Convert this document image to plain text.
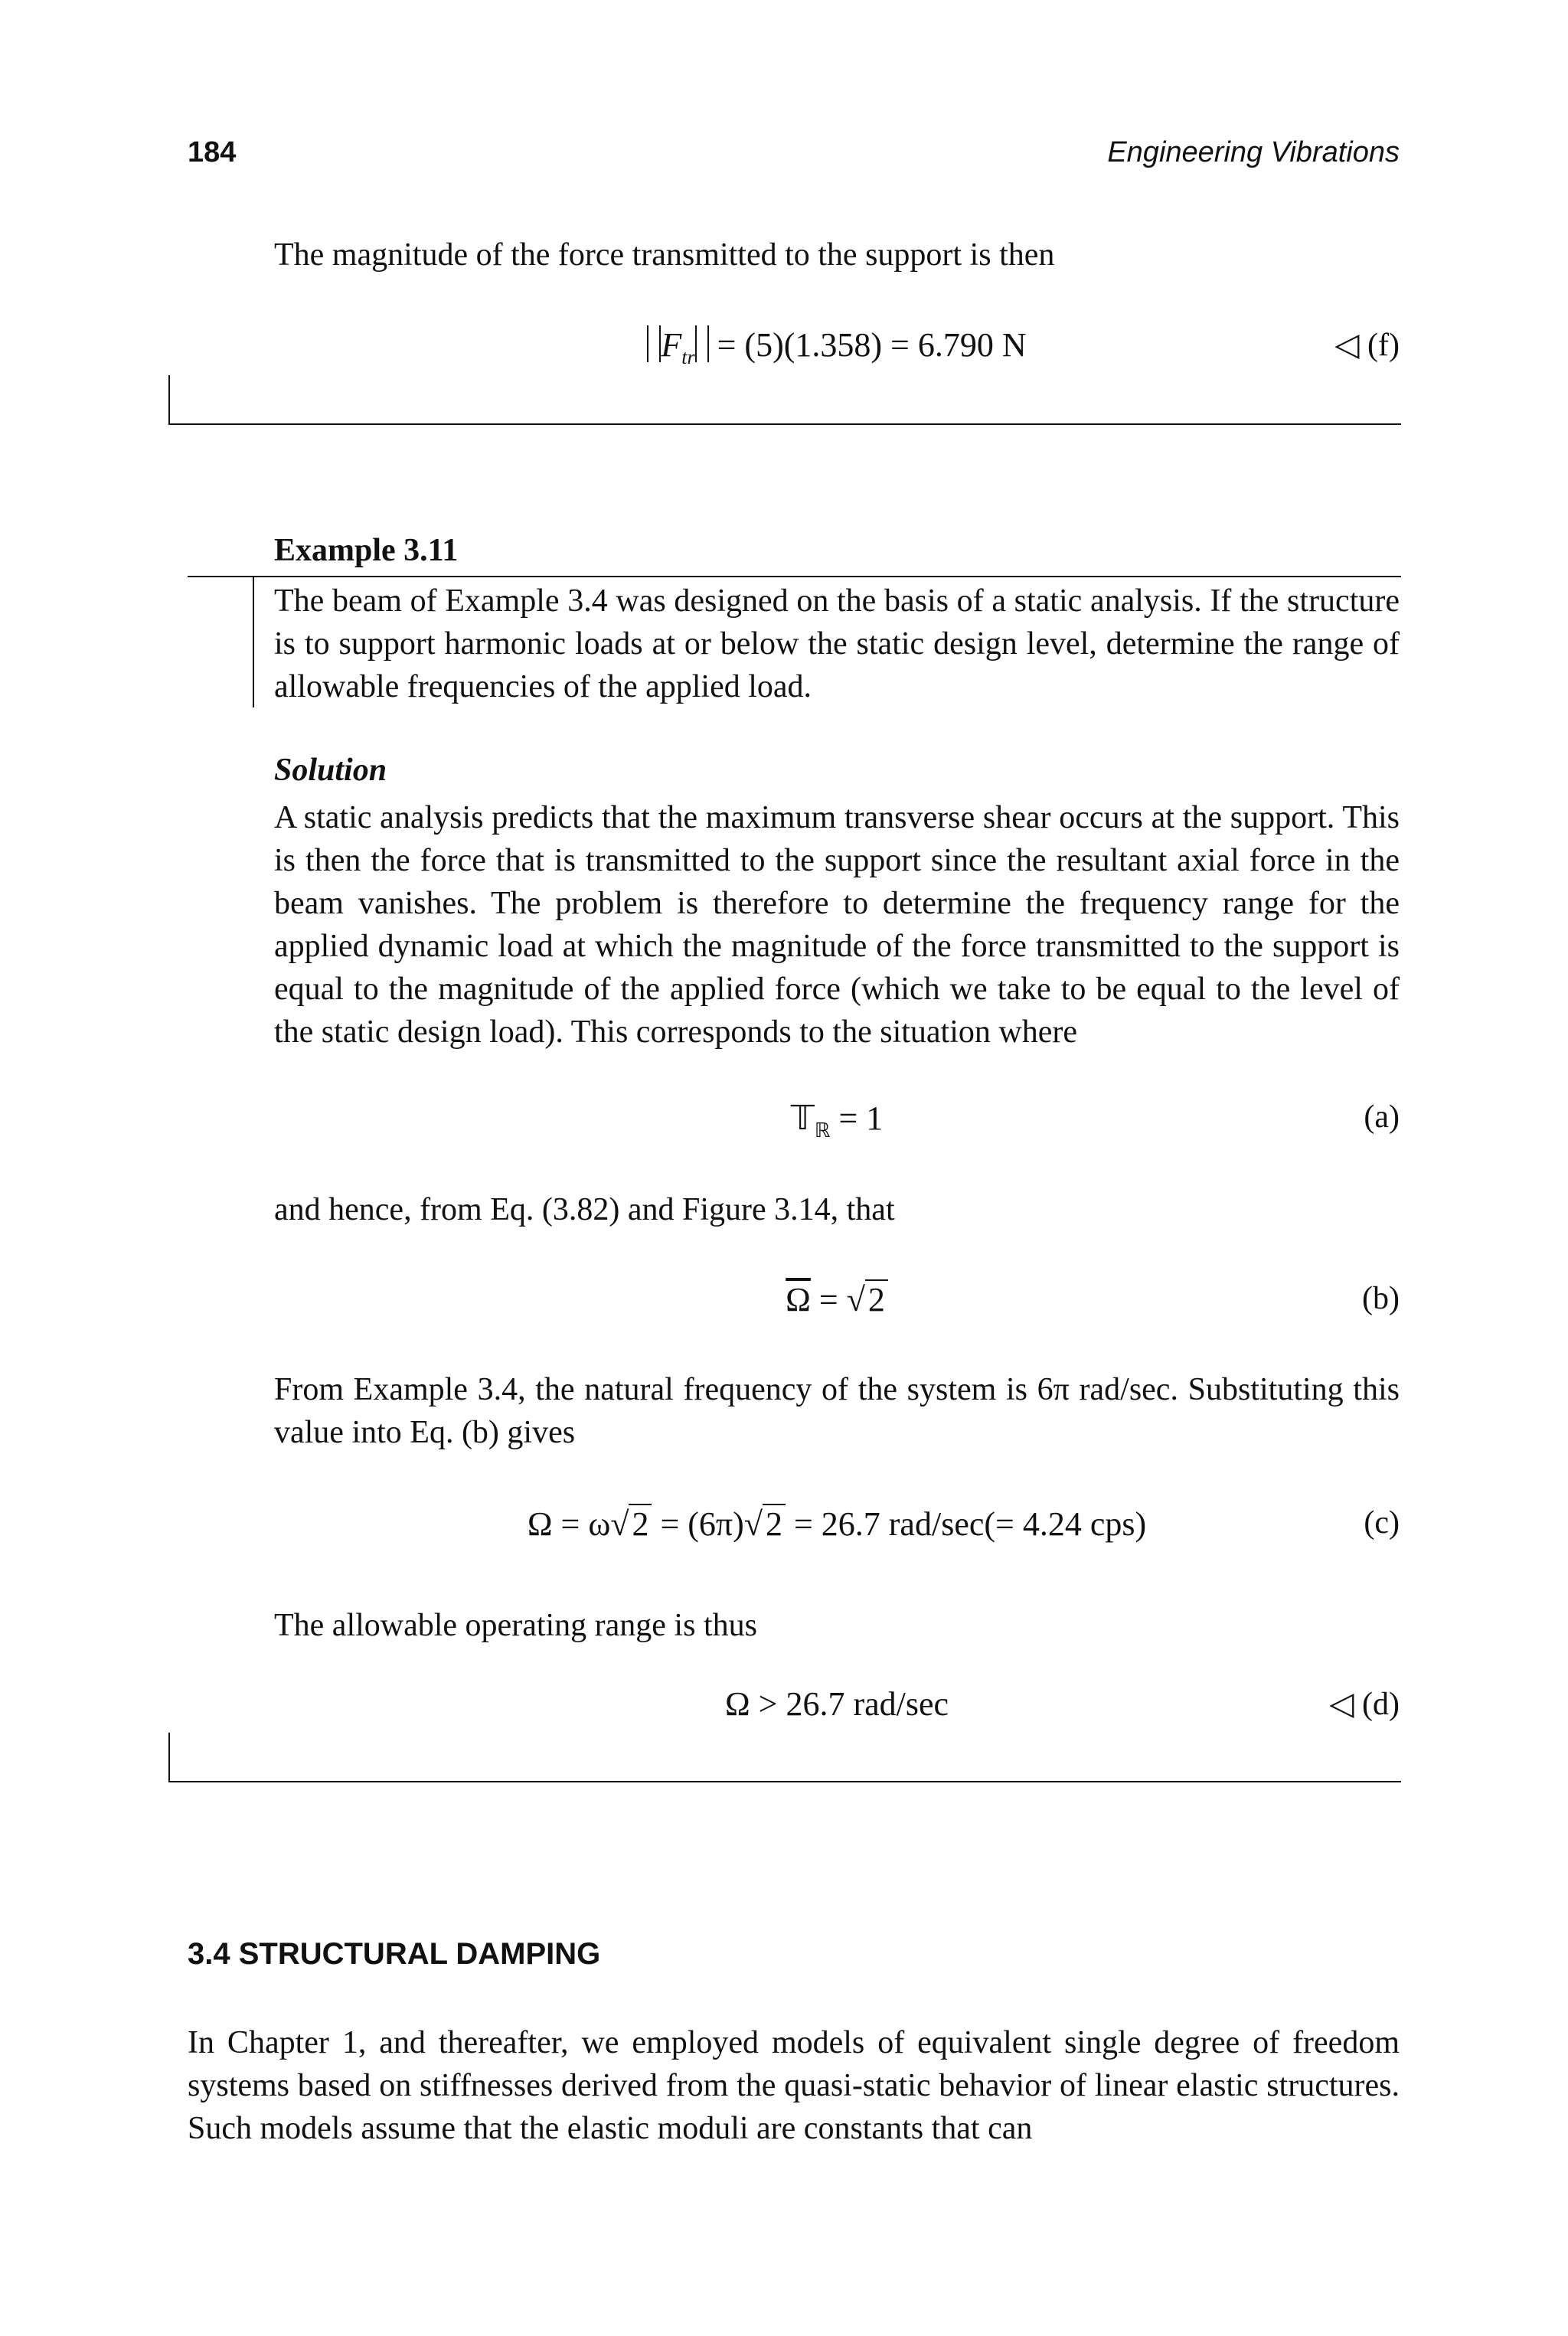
184	Engineering Vibrations
The magnitude of the force transmitted to the support is then
$F_{tr} = (5)(1.358) = 6.790$ N	◁ (f)
Example 3.11
The beam of Example 3.4 was designed on the basis of a static analysis. If the structure is to support harmonic loads at or below the static design level, determine the range of allowable frequencies of the applied load.
Solution
A static analysis predicts that the maximum transverse shear occurs at the support. This is then the force that is transmitted to the support since the resultant axial force in the beam vanishes. The problem is therefore to determine the frequency range for the applied dynamic load at which the magnitude of the force transmitted to the support is equal to the magnitude of the applied force (which we take to be equal to the level of the static design load). This corresponds to the situation where
𝕋$_ℝ$ = 1	(a)
and hence, from Eq. (3.82) and Figure 3.14, that
$\overline{\Omega} = √2$	(b)
From Example 3.4, the natural frequency of the system is 6π rad/sec. Substituting this value into Eq. (b) gives
Ω = ω√2 = (6π)√2 = 26.7 rad/sec(= 4.24 cps)	(c)
The allowable operating range is thus
Ω > 26.7 rad/sec	◁ (d)
3.4 STRUCTURAL DAMPING
In Chapter 1, and thereafter, we employed models of equivalent single degree of freedom systems based on stiffnesses derived from the quasi-static behavior of linear elastic structures. Such models assume that the elastic moduli are constants that can
